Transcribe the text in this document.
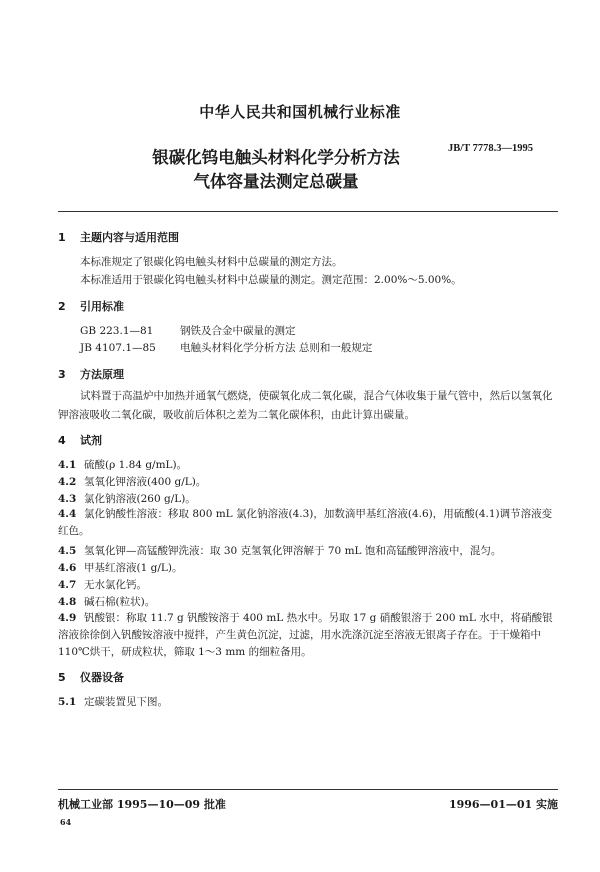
中华人民共和国机械行业标准
JB/T 7778.3—1995
银碳化钨电触头材料化学分析方法
气体容量法测定总碳量
1 主题内容与适用范围
本标准规定了银碳化钨电触头材料中总碳量的测定方法。
本标准适用于银碳化钨电触头材料中总碳量的测定。测定范围：2.00%～5.00%。
2 引用标准
GB 223.1—81	钢铁及合金中碳量的测定
JB 4107.1—85 电触头材料化学分析方法 总则和一般规定
3 方法原理
试料置于高温炉中加热并通氧气燃烧，使碳氧化成二氧化碳，混合气体收集于量气管中，然后以氢氧化钾溶液吸收二氧化碳，吸收前后体积之差为二氧化碳体积，由此计算出碳量。
4 试剂
4.1 硫酸(ρ 1.84 g/mL)。
4.2 氢氧化钾溶液(400 g/L)。
4.3 氯化钠溶液(260 g/L)。
4.4 氯化钠酸性溶液：移取 800 mL 氯化钠溶液(4.3)，加数滴甲基红溶液(4.6)，用硫酸(4.1)调节溶液变红色。
4.5 氢氧化钾—高锰酸钾洗液：取 30 克氢氧化钾溶解于 70 mL 饱和高锰酸钾溶液中，混匀。
4.6 甲基红溶液(1 g/L)。
4.7 无水氯化钙。
4.8 碱石棉(粒状)。
4.9 钒酸银：称取 11.7 g 钒酸铵溶于 400 mL 热水中。另取 17 g 硝酸银溶于 200 mL 水中，将硝酸银溶液徐徐倒入钒酸铵溶液中搅拌，产生黄色沉淀，过滤，用水洗涤沉淀至溶液无银离子存在。于干燥箱中110℃烘干，研成粒状，筛取 1～3 mm 的细粒备用。
5 仪器设备
5.1 定碳装置见下图。
机械工业部 1995—10—09 批准	1996—01—01 实施
64
